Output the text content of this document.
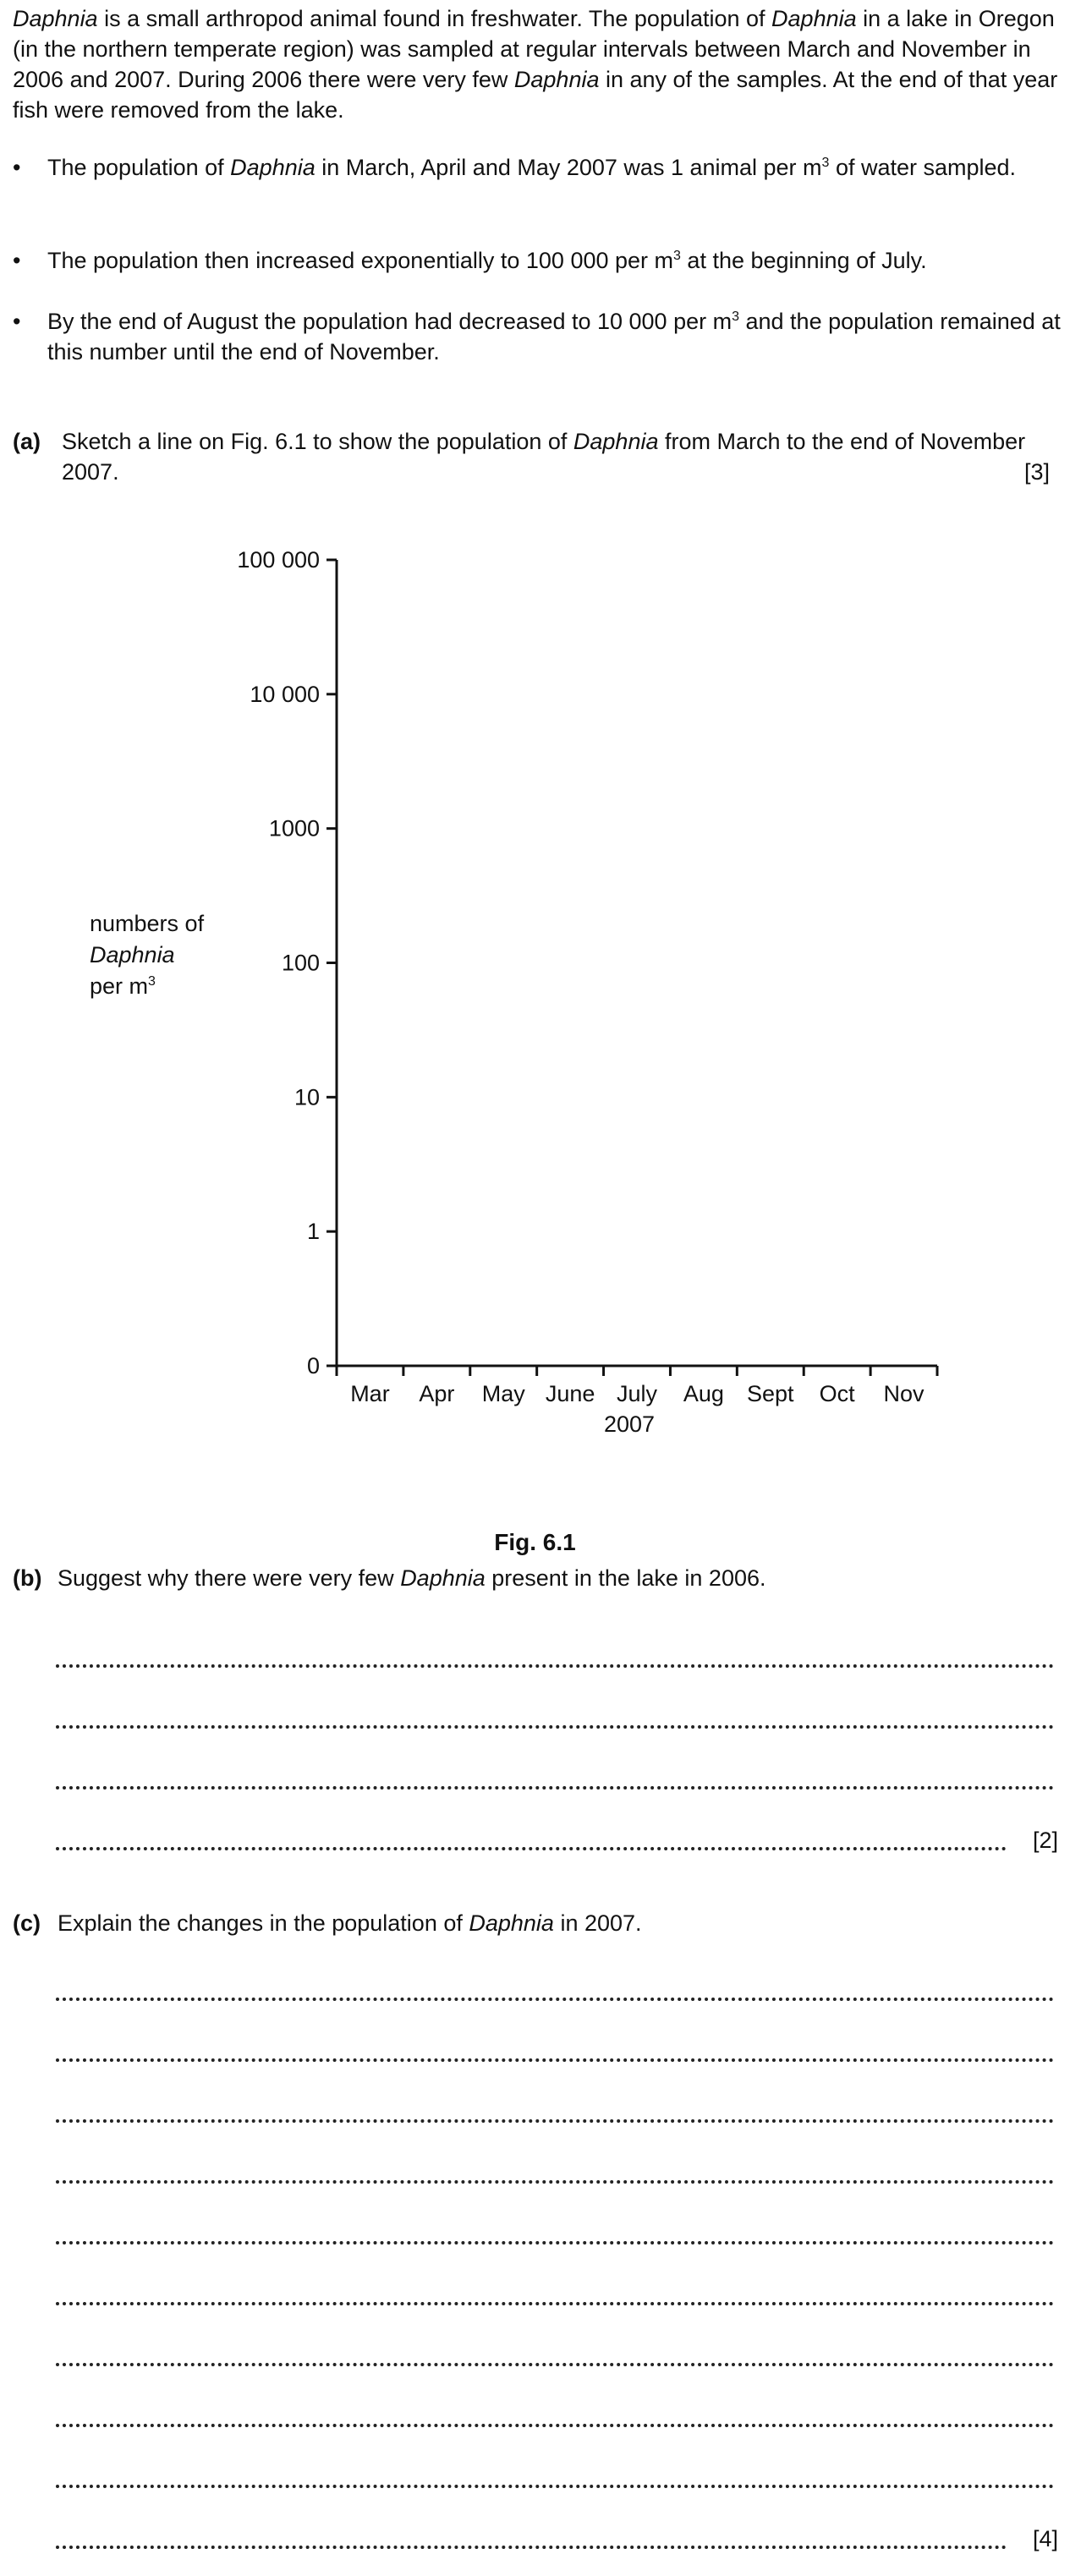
Daphnia is a small arthropod animal found in freshwater. The population of Daphnia in a lake in Oregon (in the northern temperate region) was sampled at regular intervals between March and November in 2006 and 2007. During 2006 there were very few Daphnia in any of the samples. At the end of that year fish were removed from the lake.
• The population of Daphnia in March, April and May 2007 was 1 animal per $m^3$ of water sampled.
• The population then increased exponentially to 100 000 per $m^3$ at the beginning of July.
• By the end of August the population had decreased to 10 000 per $m^3$ and the population remained at this number until the end of November.
(a) Sketch a line on Fig. 6.1 to show the population of Daphnia from March to the end of November 2007.	[3]
0
1
10
100
1000
10 000
100 000
Mar Apr May June July Aug Sept Oct Nov
numbers of
Daphnia
per $m^3$
2007
Fig. 6.1
(b) Suggest why there were very few Daphnia present in the lake in 2006.
[2]
(c) Explain the changes in the population of Daphnia in 2007.
[4]
